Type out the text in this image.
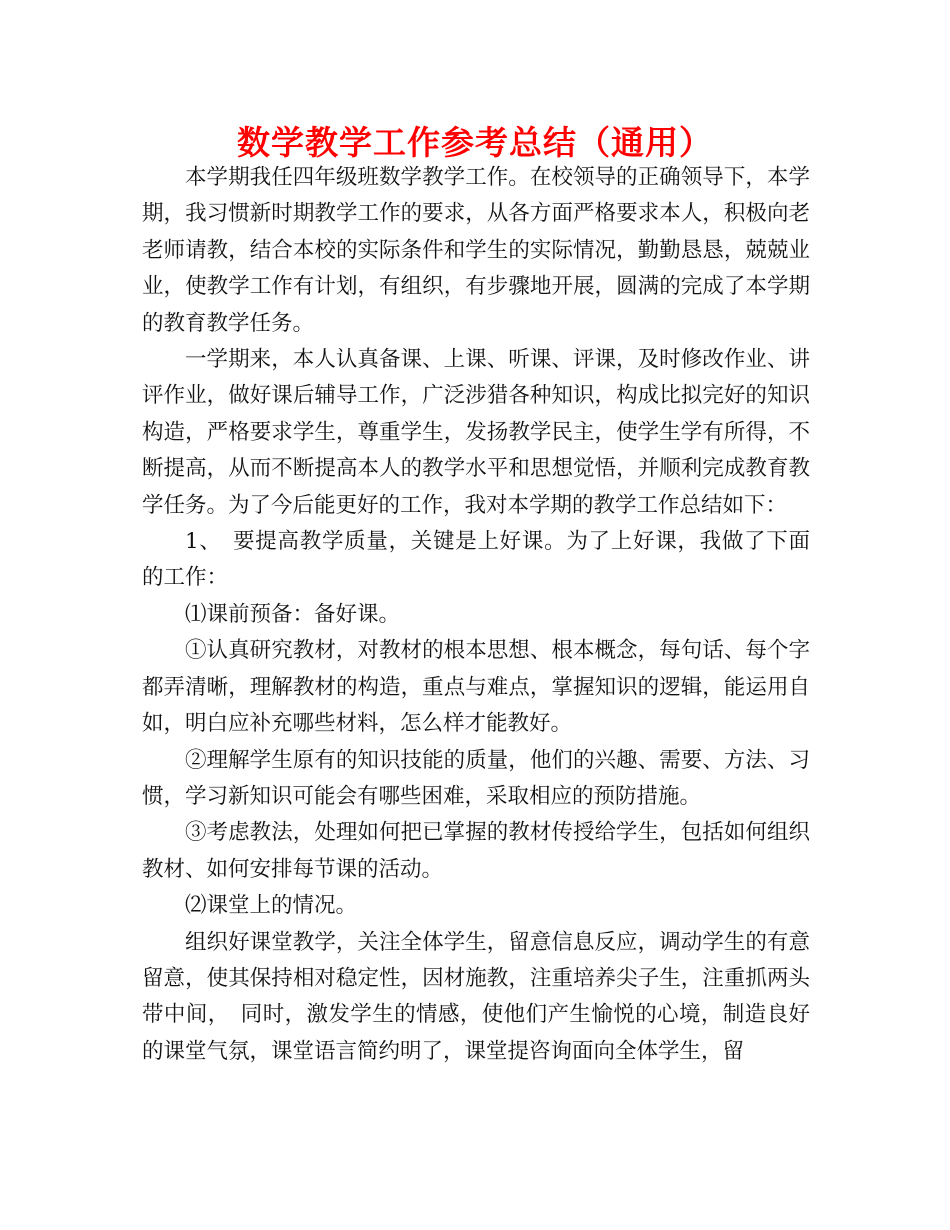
数学教学工作参考总结（通用）

本学期我任四年级班数学教学工作。在校领导的正确领导下，本学期，我习惯新时期教学工作的要求，从各方面严格要求本人，积极向老老师请教，结合本校的实际条件和学生的实际情况，勤勤恳恳，兢兢业业，使教学工作有计划，有组织，有步骤地开展，圆满的完成了本学期的教育教学任务。

一学期来，本人认真备课、上课、听课、评课，及时修改作业、讲评作业，做好课后辅导工作，广泛涉猎各种知识，构成比拟完好的知识构造，严格要求学生，尊重学生，发扬教学民主，使学生学有所得，不断提高，从而不断提高本人的教学水平和思想觉悟，并顺利完成教育教学任务。为了今后能更好的工作，我对本学期的教学工作总结如下：

1、　要提高教学质量，关键是上好课。为了上好课，我做了下面的工作：

⑴课前预备：备好课。

①认真研究教材，对教材的根本思想、根本概念，每句话、每个字都弄清晰，理解教材的构造，重点与难点，掌握知识的逻辑，能运用自如，明白应补充哪些材料，怎么样才能教好。

②理解学生原有的知识技能的质量，他们的兴趣、需要、方法、习惯，学习新知识可能会有哪些困难，采取相应的预防措施。

③考虑教法，处理如何把已掌握的教材传授给学生，包括如何组织教材、如何安排每节课的活动。

⑵课堂上的情况。

组织好课堂教学，关注全体学生，留意信息反应，调动学生的有意留意，使其保持相对稳定性，因材施教，注重培养尖子生，注重抓两头带中间，　同时，激发学生的情感，使他们产生愉悦的心境，制造良好的课堂气氛，课堂语言简约明了，课堂提咨询面向全体学生，留
